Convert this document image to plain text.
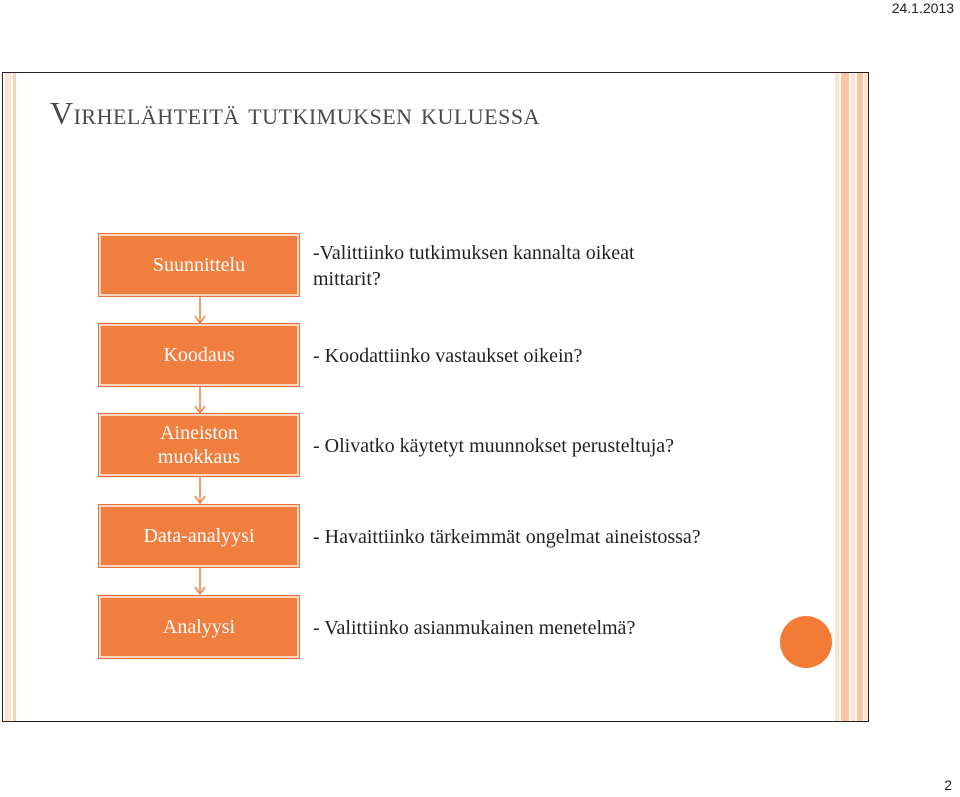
24.1.2013
Virhelähteitä tutkimuksen kuluessa
Suunnittelu

-Valittiinko tutkimuksen kannalta oikeat mittarit?

Koodaus	- Koodattiinko vastaukset oikein?

Aineiston muokkaus	- Olivatko käytetyt muunnokset perusteltuja?

Data-analyysi	- Havaittiinko tärkeimmät ongelmat aineistossa?

Analyysi	- Valittiinko asianmukainen menetelmä?

2
